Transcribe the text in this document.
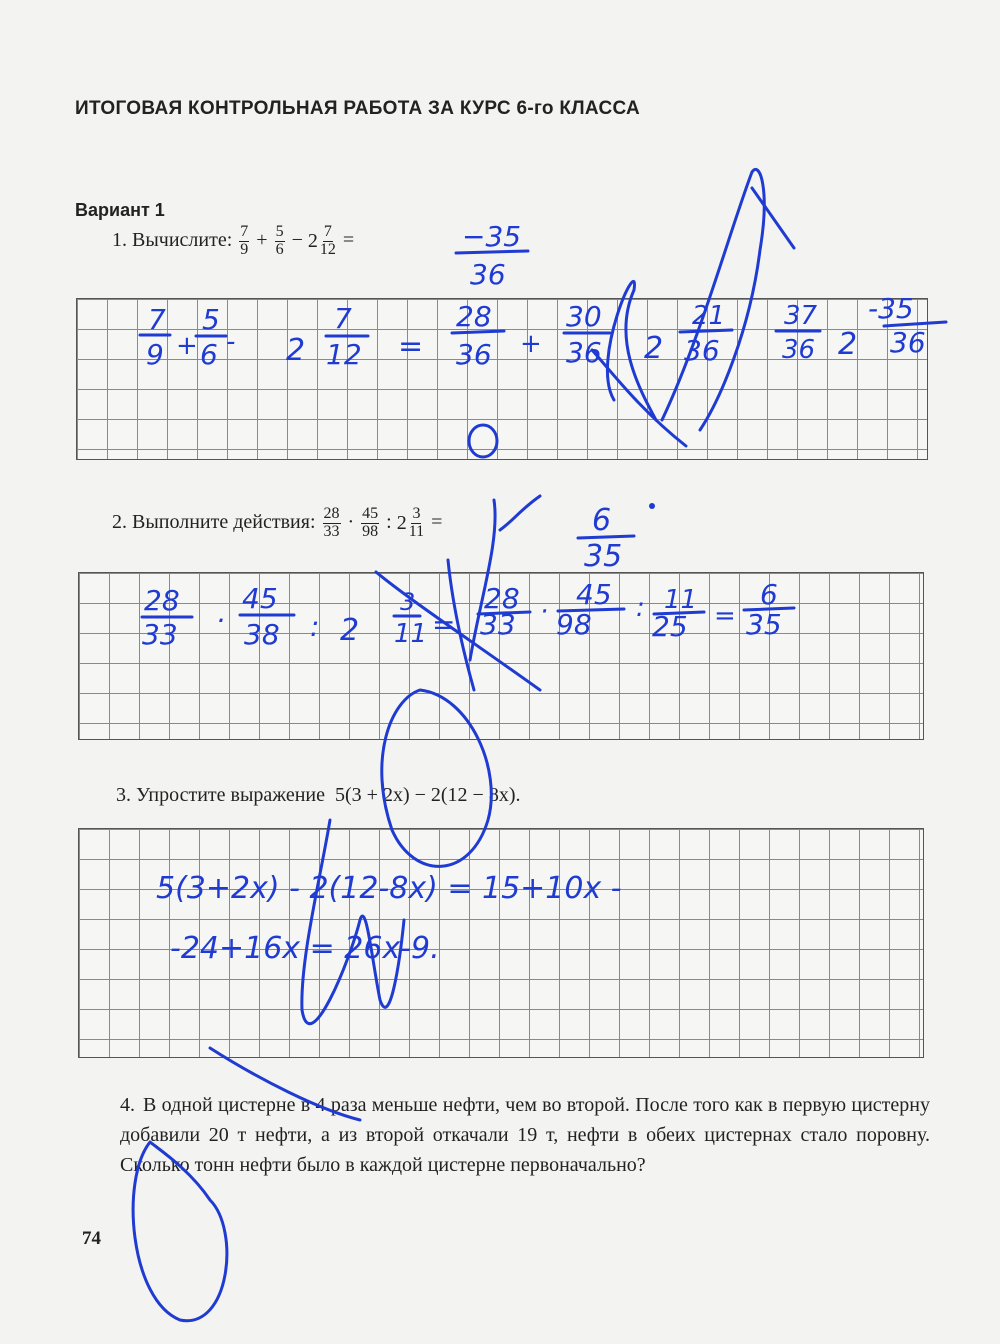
ИТОГОВАЯ КОНТРОЛЬНАЯ РАБОТА ЗА КУРС 6-го КЛАССА
Вариант 1
1. Вычислите: $\frac{7}{9} + \frac{5}{6} - 2 \frac{7}{12}$ =
2. Выполните действия: $\frac{28}{33} \cdot \frac{45}{98}$ : $2 \frac{3}{11}$ =
3. Упростите выражение 5(3 + 2x) − 2(12 − 8x).
4. В одной цистерне в 4 раза меньше нефти, чем во второй. После того как в первую цистерну добавили 20 т нефти, а из второй откачали 19 т, нефти в обеих цистернах стало поровну. Сколько тонн нефти было в каждой цистерне первоначально?
74
−35
36
7
9 +
5
6 - 2
7
12 =
28
36 +
30
36 2
21
36
37
36 2
-35
36
6
35
28
33 ·
45
38 : 2
3
11 =
28
33 ·
45
98 : 11
25 =
6
35
5(3+2x) - 2(12-8x) = 15+10x -
-24+16x = 26x-9.
